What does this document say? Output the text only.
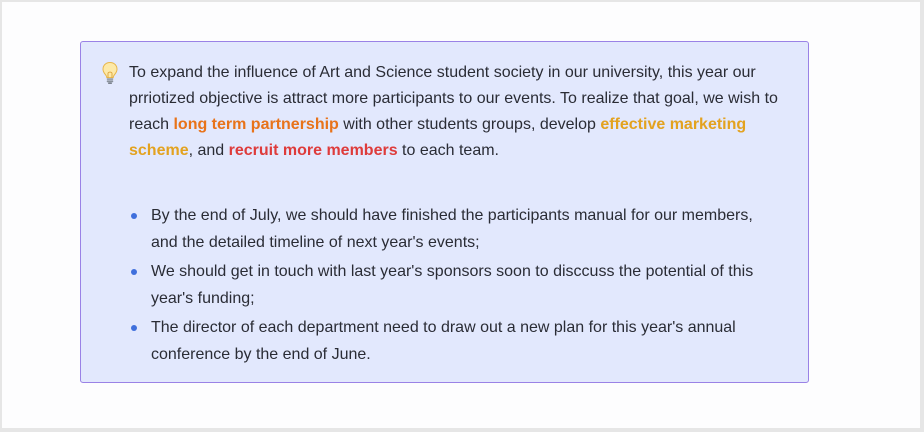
To expand the influence of Art and Science student society in our university, this year our prriotized objective is attract more participants to our events. To realize that goal, we wish to reach long term partnership with other students groups, develop effective marketing scheme, and recruit more members to each team.

By the end of July, we should have finished the participants manual for our members, and the detailed timeline of next year's events;
We should get in touch with last year's sponsors soon to disccuss the potential of this year's funding;
The director of each department need to draw out a new plan for this year's annual conference by the end of June.
